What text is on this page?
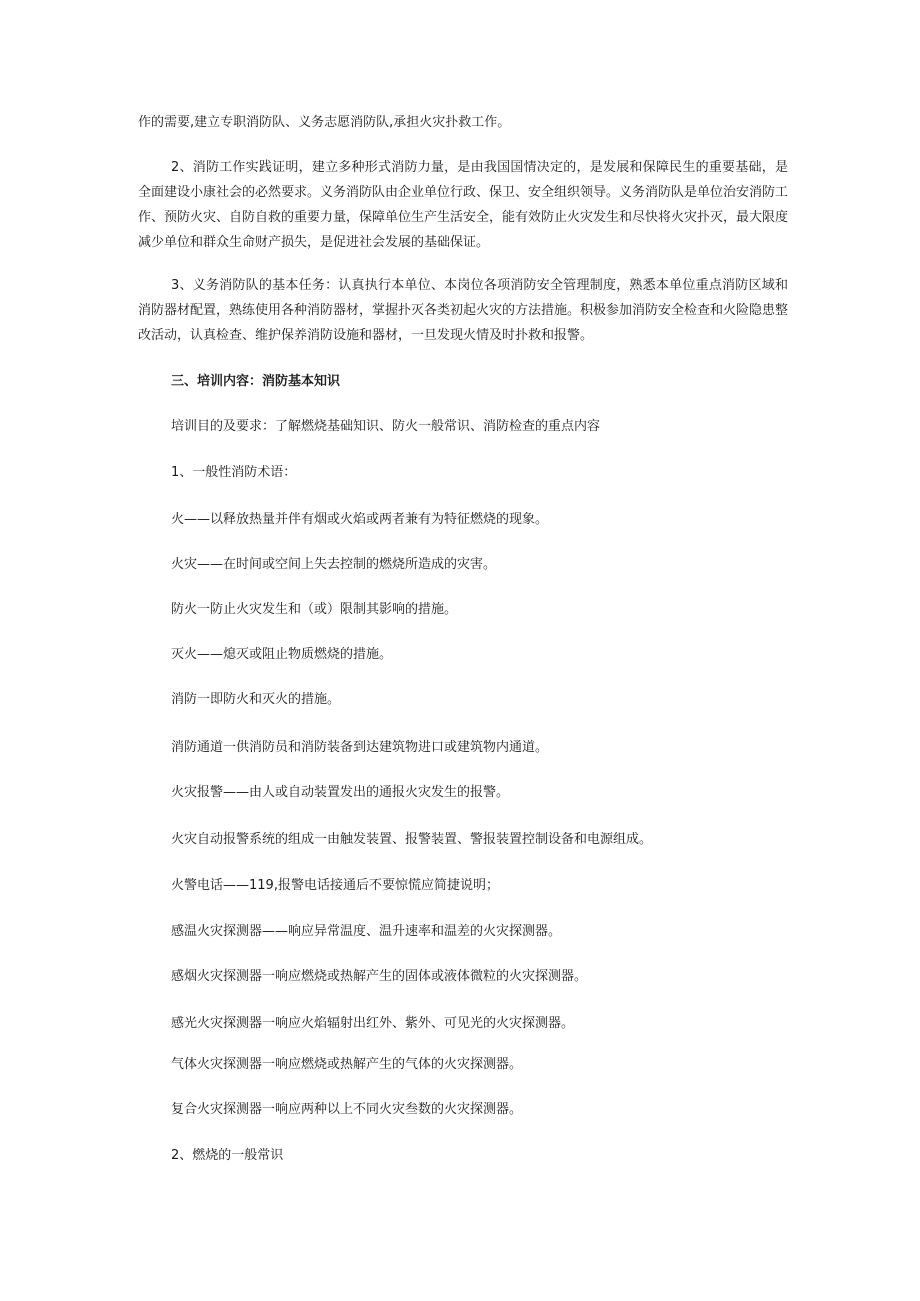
作的需要,建立专职消防队、义务志愿消防队,承担火灾扑救工作。

2、消防工作实践证明，建立多种形式消防力量，是由我国国情决定的，是发展和保障民生的重要基础，是全面建设小康社会的必然要求。义务消防队由企业单位行政、保卫、安全组织领导。义务消防队是单位治安消防工作、预防火灾、自防自救的重要力量，保障单位生产生活安全，能有效防止火灾发生和尽快将火灾扑灭，最大限度减少单位和群众生命财产损失，是促进社会发展的基础保证。

3、义务消防队的基本任务：认真执行本单位、本岗位各项消防安全管理制度，熟悉本单位重点消防区域和消防器材配置，熟练使用各种消防器材，掌握扑灭各类初起火灾的方法措施。积极参加消防安全检查和火险隐患整改活动，认真检查、维护保养消防设施和器材，一旦发现火情及时扑救和报警。

三、培训内容：消防基本知识

培训目的及要求：了解燃烧基础知识、防火一般常识、消防检查的重点内容

1、一般性消防术语：

火——以释放热量并伴有烟或火焰或两者兼有为特征燃烧的现象。

火灾——在时间或空间上失去控制的燃烧所造成的灾害。

防火一防止火灾发生和（或）限制其影响的措施。

灭火——熄灭或阻止物质燃烧的措施。

消防一即防火和灭火的措施。

消防通道一供消防员和消防装备到达建筑物进口或建筑物内通道。

火灾报警——由人或自动装置发出的通报火灾发生的报警。

火灾自动报警系统的组成一由触发装置、报警装置、警报装置控制设备和电源组成。

火警电话——119,报警电话接通后不要惊慌应简捷说明；

感温火灾探测器——响应异常温度、温升速率和温差的火灾探测器。

感烟火灾探测器一响应燃烧或热解产生的固体或液体微粒的火灾探测器。

感光火灾探测器一响应火焰辐射出红外、紫外、可见光的火灾探测器。

气体火灾探测器一响应燃烧或热解产生的气体的火灾探测器。

复合火灾探测器一响应两种以上不同火灾叁数的火灾探测器。

2、燃烧的一般常识
